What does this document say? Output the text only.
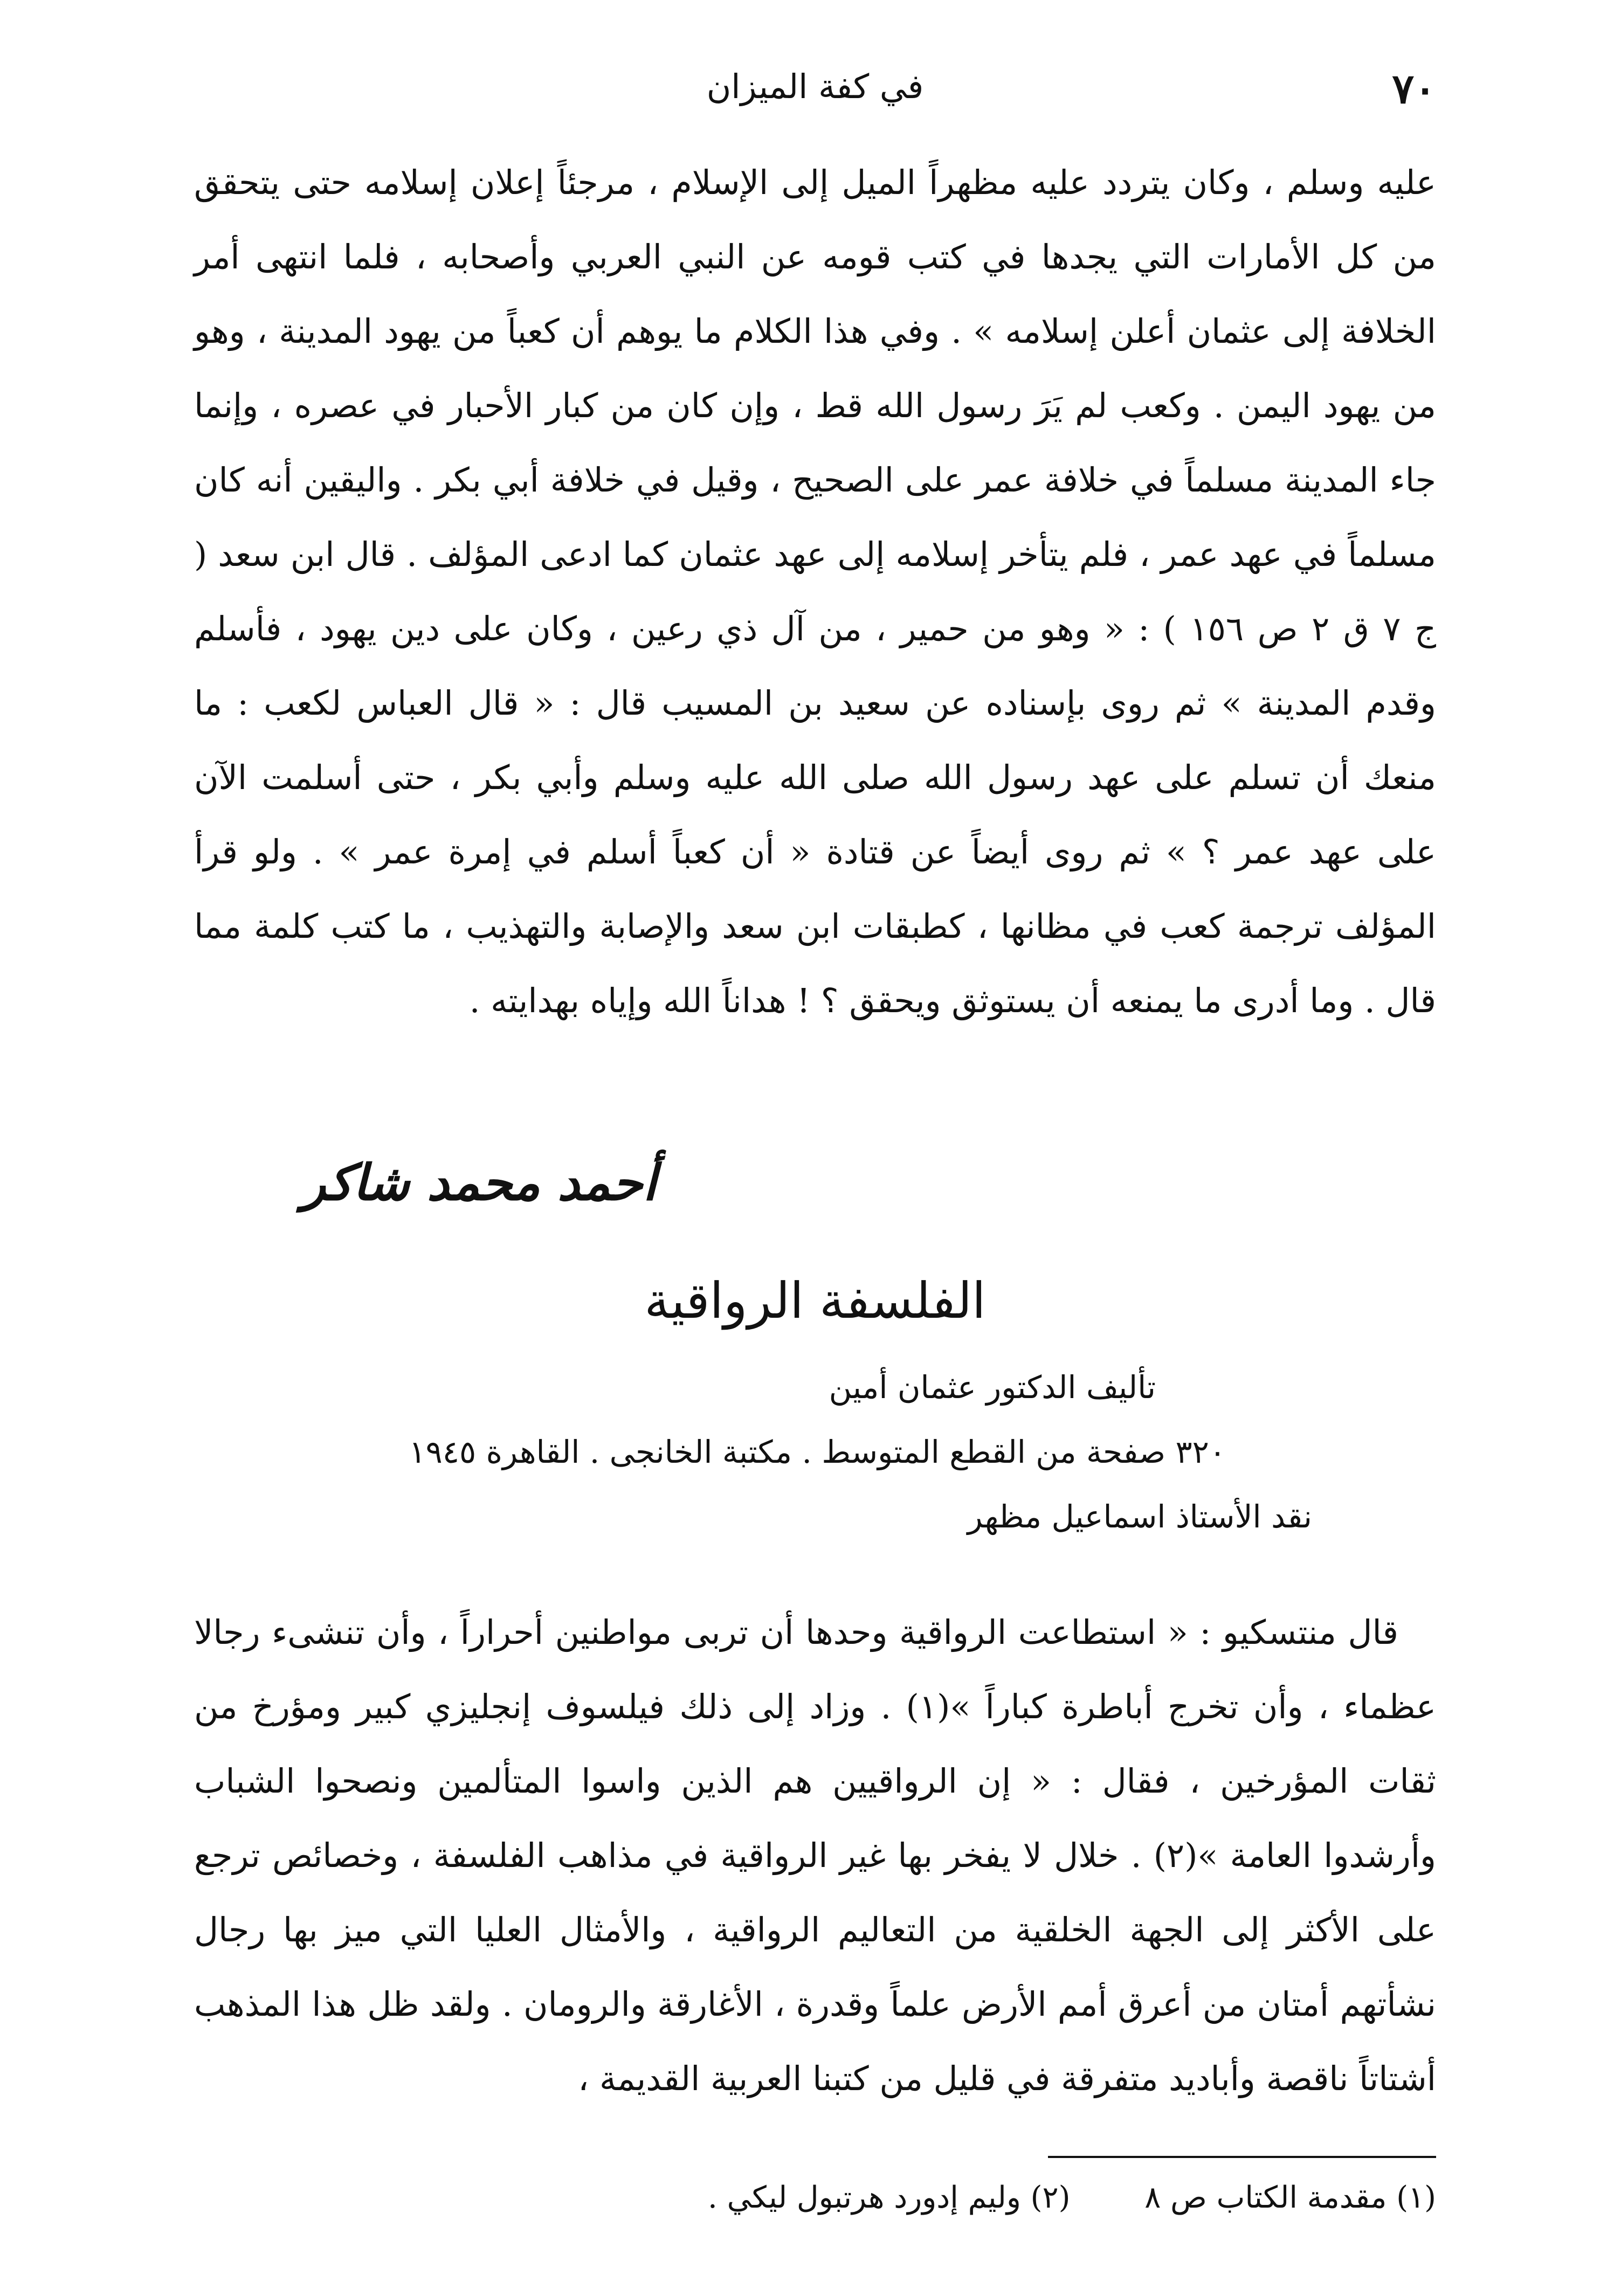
٧٠
في كفة الميزان

عليه وسلم ، وكان يتردد عليه مظهراً الميل إلى الإسلام ، مرجئاً إعلان إسلامه حتى يتحقق من كل الأمارات التي يجدها في كتب قومه عن النبي العربي وأصحابه ، فلما انتهى أمر الخلافة إلى عثمان أعلن إسلامه » . وفي هذا الكلام ما يوهم أن كعباً من يهود المدينة ، وهو من يهود اليمن . وكعب لم يَرَ رسول الله قط ، وإن كان من كبار الأحبار في عصره ، وإنما جاء المدينة مسلماً في خلافة عمر على الصحيح ، وقيل في خلافة أبي بكر . واليقين أنه كان مسلماً في عهد عمر ، فلم يتأخر إسلامه إلى عهد عثمان كما ادعى المؤلف . قال ابن سعد ( ج ٧ ق ٢ ص ١٥٦ ) : « وهو من حمير ، من آل ذي رعين ، وكان على دين يهود ، فأسلم وقدم المدينة » ثم روى بإسناده عن سعيد بن المسيب قال : « قال العباس لكعب : ما منعك أن تسلم على عهد رسول الله صلى الله عليه وسلم وأبي بكر ، حتى أسلمت الآن على عهد عمر ؟ » ثم روى أيضاً عن قتادة « أن كعباً أسلم في إمرة عمر » . ولو قرأ المؤلف ترجمة كعب في مظانها ، كطبقات ابن سعد والإصابة والتهذيب ، ما كتب كلمة مما قال . وما أدرى ما يمنعه أن يستوثق ويحقق ؟ ! هداناً الله وإياه بهدايته .

أحمد محمد شاكر
الفلسفة الرواقية
تأليف الدكتور عثمان أمين
٣٢٠ صفحة من القطع المتوسط . مكتبة الخانجى . القاهرة ١٩٤٥
نقد الأستاذ اسماعيل مظهر

قال منتسكيو : « استطاعت الرواقية وحدها أن تربى مواطنين أحراراً ، وأن تنشىء رجالا عظماء ، وأن تخرج أباطرة كباراً »(١) . وزاد إلى ذلك فيلسوف إنجليزي كبير ومؤرخ من ثقات المؤرخين ، فقال : « إن الرواقيين هم الذين واسوا المتألمين ونصحوا الشباب وأرشدوا العامة »(٢) . خلال لا يفخر بها غير الرواقية في مذاهب الفلسفة ، وخصائص ترجع على الأكثر إلى الجهة الخلقية من التعاليم الرواقية ، والأمثال العليا التي ميز بها رجال نشأتهم أمتان من أعرق أمم الأرض علماً وقدرة ، الأغارقة والرومان . ولقد ظل هذا المذهب أشتاتاً ناقصة وأباديد متفرقة في قليل من كتبنا العربية القديمة ،

(١) مقدمة الكتاب ص ٨ (٢) وليم إدورد هرتبول ليكي .
